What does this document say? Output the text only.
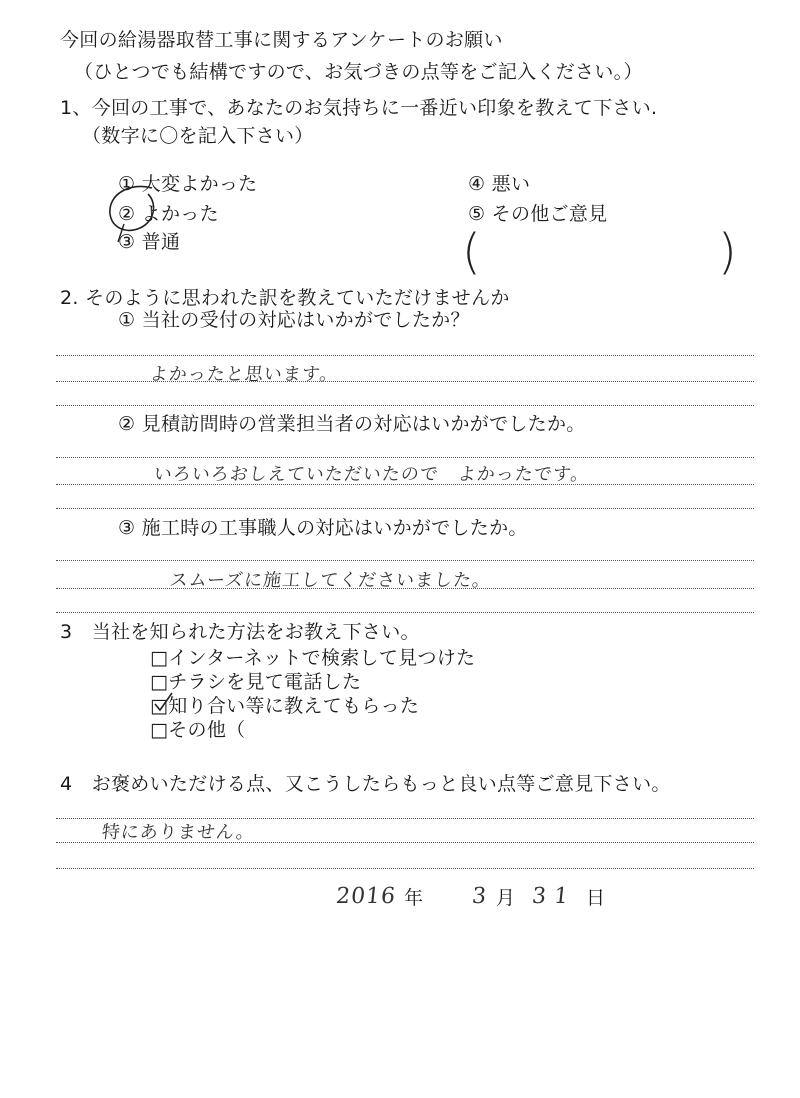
今回の給湯器取替工事に関するアンケートのお願い
（ひとつでも結構ですので、お気づきの点等をご記入ください。）
1、今回の工事で、あなたのお気持ちに一番近い印象を教えて下さい.
（数字に〇を記入下さい）
① 大変よかった
② よかった
③ 普通
④ 悪い
⑤ その他ご意見
(	)
2. そのように思われた訳を教えていただけませんか
① 当社の受付の対応はいかがでしたか？
よかったと思います。
② 見積訪問時の営業担当者の対応はいかがでしたか。
いろいろおしえていただいたので　よかったです。
③ 施工時の工事職人の対応はいかがでしたか。
スムーズに施工してくださいました。
3　当社を知られた方法をお教え下さい。
□インターネットで検索して見つけた
□チラシを見て電話した
□知り合い等に教えてもらった
□その他（
4　お褒めいただける点、又こうしたらもっと良い点等ご意見下さい。
特にありません。
2016 年 3 月 31 日
